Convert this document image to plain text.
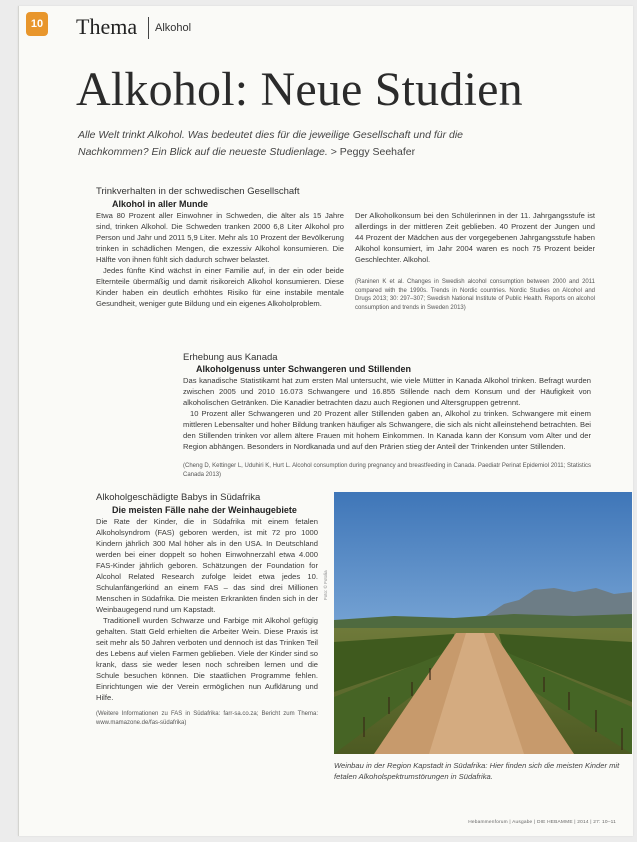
10 Thema Alkohol
Alkohol: Neue Studien
Alle Welt trinkt Alkohol. Was bedeutet dies für die jeweilige Gesellschaft und für die Nachkommen? Ein Blick auf die neueste Studienlage. > Peggy Seehafer
Trinkverhalten in der schwedischen Gesellschaft
Alkohol in aller Munde

Etwa 80 Prozent aller Einwohner in Schweden, die älter als 15 Jahre sind, trinken Alkohol. Die Schweden tranken 2000 6,8 Liter Alkohol pro Person und Jahr und 2011 5,9 Liter. Mehr als 10 Prozent der Bevölkerung trinken in schädlichen Mengen, die exzessiv Alkohol konsumieren. Die Hälfte von ihnen fühlt sich dadurch schwer belastet.

Jedes fünfte Kind wächst in einer Familie auf, in der ein oder beide Elternteile übermäßig und damit risikoreich Alkohol konsumieren. Diese Kinder haben ein deutlich erhöhtes Risiko für eine instabile mentale Gesundheit, weniger gute Bildung und ein eigenes Alkoholproblem.

Der Alkoholkonsum bei den Schülerinnen in der 11. Jahrgangsstufe ist allerdings in der mittleren Zeit geblieben. 40 Prozent der Jungen und 44 Prozent der Mädchen aus der vorgegebenen Jahrgangsstufe haben Alkohol konsumiert, im Jahr 2004 waren es noch 75 Prozent beider Geschlechter. Alkohol.

(Raninen K et al. Changes in Swedish alcohol consumption between 2000 and 2011 compared with the 1990s. Trends in Nordic countries. Nordic Studies on Alcohol and Drugs 2013; 30: 297–307; Swedish National Institute of Public Health. Reports on alcohol consumption and trends in Sweden 2013)
Erhebung aus Kanada
Alkoholgenuss unter Schwangeren und Stillenden

Das kanadische Statistikamt hat zum ersten Mal untersucht, wie viele Mütter in Kanada Alkohol trinken. Befragt wurden zwischen 2005 und 2010 16.073 Schwangere und 16.855 Stillende nach dem Konsum und der Häufigkeit von alkoholischen Getränken. Die Kanadier betrachten dazu auch Regionen und Altersgruppen getrennt.

10 Prozent aller Schwangeren und 20 Prozent aller Stillenden gaben an, Alkohol zu trinken. Schwangere mit einem mittleren Lebensalter und hoher Bildung tranken häufiger als Schwangere, die sich als nicht alleinstehend betrachten. Bei den Stillenden trinken vor allem ältere Frauen mit hohem Einkommen. In Kanada kann der Konsum vom Alter und der Region abhängen. Besonders in Nordkanada und auf den Prärien stieg der Anteil der Trinkenden unter Stillenden.

(Cheng D, Kettinger L, Uduhiri K, Hurt L. Alcohol consumption during pregnancy and breastfeeding in Canada. Paediatr Perinat Epidemiol 2011; Statistics Canada 2013)
Alkoholgeschädigte Babys in Südafrika
Die meisten Fälle nahe der Weinhaugebiete

Die Rate der Kinder, die in Südafrika mit einem fetalen Alkoholsyndrom (FAS) geboren werden, ist mit 72 pro 1000 Kindern jährlich 300 Mal höher als in den USA. In Deutschland werden bei einer doppelt so hohen Einwohnerzahl etwa 4.000 FAS-Kinder jährlich geboren. Schätzungen der Foundation for Alcohol Related Research zufolge leidet etwa jedes 10. Schulanfängerkind an einem FAS – das sind drei Millionen Menschen in Südafrika. Die meisten Erkrankten finden sich in der Weinbaugegend rund um Kapstadt.

Traditionell wurden Schwarze und Farbige mit Alkohol gefügig gehalten. Statt Geld erhielten die Arbeiter Wein. Diese Praxis ist seit mehr als 50 Jahren verboten und dennoch ist das Trinken Teil des Lebens auf vielen Farmen geblieben. Viele der Kinder sind so krank, dass sie weder lesen noch schreiben lernen und die Schule besuchen können. Die staatlichen Programme fehlen. Einrichtungen wie der Verein ermöglichen nun Aufklärung und Hilfe.

(Weitere Informationen zu FAS in Südafrika: farr-sa.co.za; Bericht zum Thema: www.mamazone.de/fas-südafrika)
Foto: © Fotolia
Weinbau in der Region Kapstadt in Südafrika: Hier finden sich die meisten Kinder mit fetalen Alkoholspektrumstörungen in Südafrika.
Hebammenforum | Ausgabe | DIE HEBAMME | 2014 | 27: 10–11
